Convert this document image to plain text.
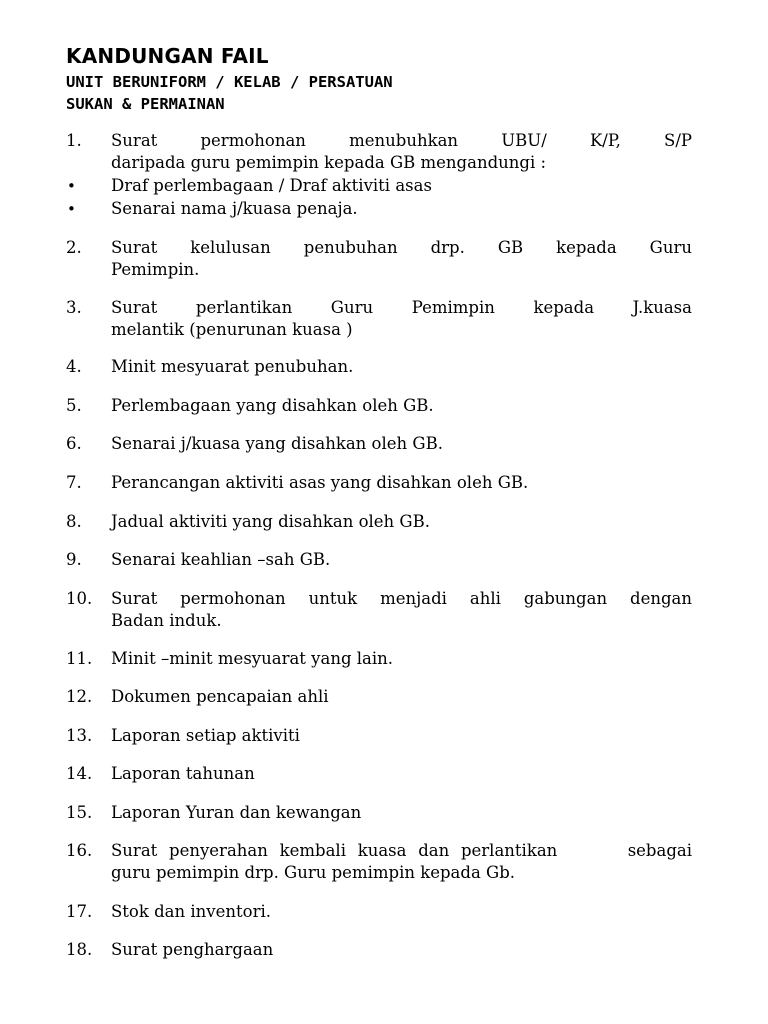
KANDUNGAN FAIL
UNIT BERUNIFORM / KELAB / PERSATUAN
SUKAN & PERMAINAN
1. Surat permohonan menubuhkan UBU/ K/P, S/P
daripada guru pemimpin kepada GB mengandungi :
• Draf perlembagaan / Draf aktiviti asas
• Senarai nama j/kuasa penaja.
2. Surat kelulusan penubuhan drp. GB kepada Guru
Pemimpin.
3. Surat perlantikan Guru Pemimpin kepada J.kuasa
melantik (penurunan kuasa )
4. Minit mesyuarat penubuhan.
5. Perlembagaan yang disahkan oleh GB.
6. Senarai j/kuasa yang disahkan oleh GB.
7. Perancangan aktiviti asas yang disahkan oleh GB.
8. Jadual aktiviti yang disahkan oleh GB.
9. Senarai keahlian –sah GB.
10. Surat permohonan untuk menjadi ahli gabungan dengan
Badan induk.
11. Minit –minit mesyuarat yang lain.
12. Dokumen pencapaian ahli
13. Laporan setiap aktiviti
14. Laporan tahunan
15. Laporan Yuran dan kewangan
16. Surat penyerahan kembali kuasa dan perlantikan      sebagai
guru pemimpin drp. Guru pemimpin kepada Gb.
17. Stok dan inventori.
18. Surat penghargaan
